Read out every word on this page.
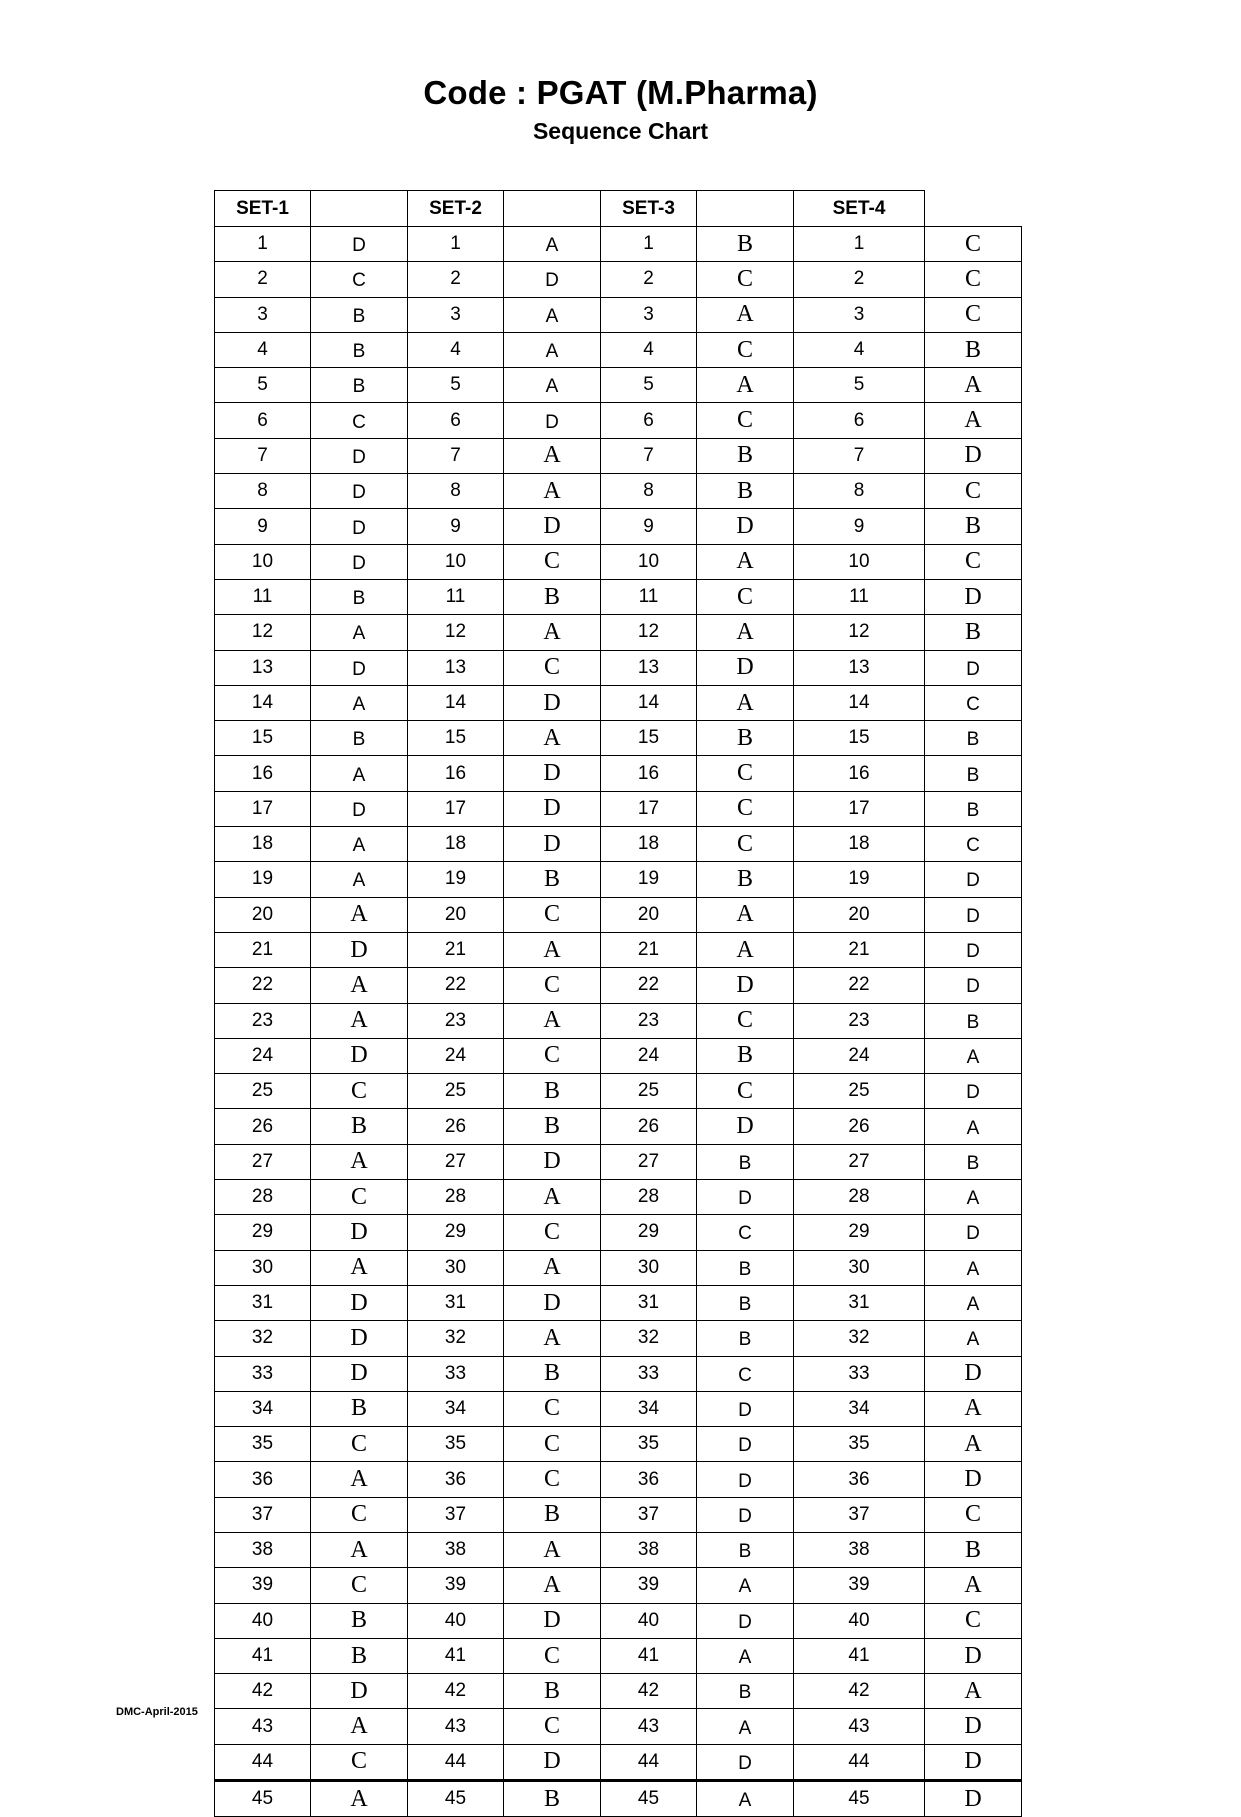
Code : PGAT (M.Pharma)
Sequence Chart
SET-1		SET-2		SET-3		SET-4	
1	D	1	A	1	B	1	C
2	C	2	D	2	C	2	C
3	B	3	A	3	A	3	C
4	B	4	A	4	C	4	B
5	B	5	A	5	A	5	A
6	C	6	D	6	C	6	A
7	D	7	A	7	B	7	D
8	D	8	A	8	B	8	C
9	D	9	D	9	D	9	B
10	D	10	C	10	A	10	C
11	B	11	B	11	C	11	D
12	A	12	A	12	A	12	B
13	D	13	C	13	D	13	D
14	A	14	D	14	A	14	C
15	B	15	A	15	B	15	B
16	A	16	D	16	C	16	B
17	D	17	D	17	C	17	B
18	A	18	D	18	C	18	C
19	A	19	B	19	B	19	D
20	A	20	C	20	A	20	D
21	D	21	A	21	A	21	D
22	A	22	C	22	D	22	D
23	A	23	A	23	C	23	B
24	D	24	C	24	B	24	A
25	C	25	B	25	C	25	D
26	B	26	B	26	D	26	A
27	A	27	D	27	B	27	B
28	C	28	A	28	D	28	A
29	D	29	C	29	C	29	D
30	A	30	A	30	B	30	A
31	D	31	D	31	B	31	A
32	D	32	A	32	B	32	A
33	D	33	B	33	C	33	D
34	B	34	C	34	D	34	A
35	C	35	C	35	D	35	A
36	A	36	C	36	D	36	D
37	C	37	B	37	D	37	C
38	A	38	A	38	B	38	B
39	C	39	A	39	A	39	A
40	B	40	D	40	D	40	C
41	B	41	C	41	A	41	D
42	D	42	B	42	B	42	A
43	A	43	C	43	A	43	D
44	C	44	D	44	D	44	D
45	A	45	B	45	A	45	D
DMC-April-2015
